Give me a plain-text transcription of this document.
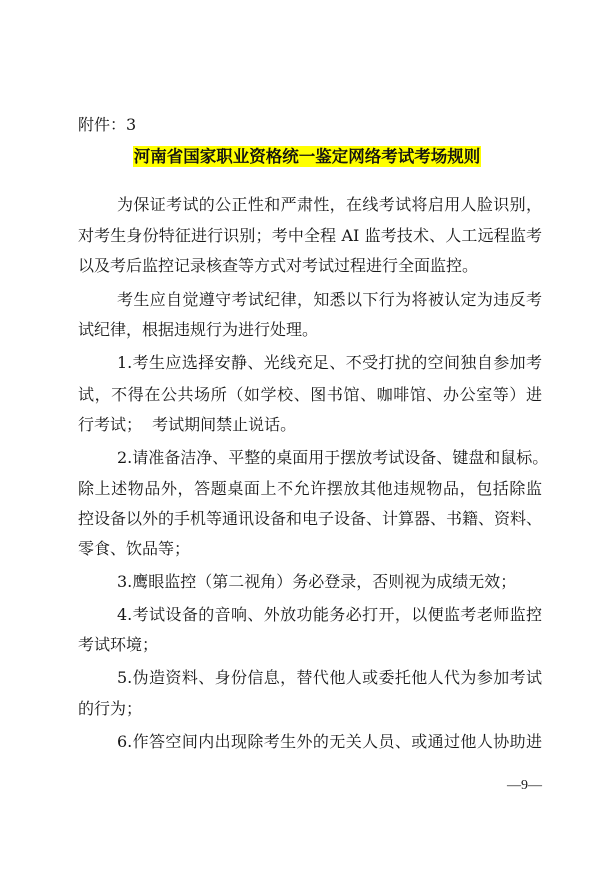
附件：3
河南省国家职业资格统一鉴定网络考试考场规则
为保证考试的公正性和严肃性，在线考试将启用人脸识别，
对考生身份特征进行识别；考中全程 AI 监考技术、人工远程监考
以及考后监控记录核查等方式对考试过程进行全面监控。
考生应自觉遵守考试纪律，知悉以下行为将被认定为违反考
试纪律，根据违规行为进行处理。
1.考生应选择安静、光线充足、不受打扰的空间独自参加考
试，不得在公共场所（如学校、图书馆、咖啡馆、办公室等）进
行考试；  考试期间禁止说话。
2.请准备洁净、平整的桌面用于摆放考试设备、键盘和鼠标。
除上述物品外，答题桌面上不允许摆放其他违规物品，包括除监
控设备以外的手机等通讯设备和电子设备、计算器、书籍、资料、
零食、饮品等；
3.鹰眼监控（第二视角）务必登录，否则视为成绩无效；
4.考试设备的音响、外放功能务必打开，以便监考老师监控
考试环境；
5.伪造资料、身份信息，替代他人或委托他人代为参加考试
的行为；
6.作答空间内出现除考生外的无关人员、或通过他人协助进
—9—
